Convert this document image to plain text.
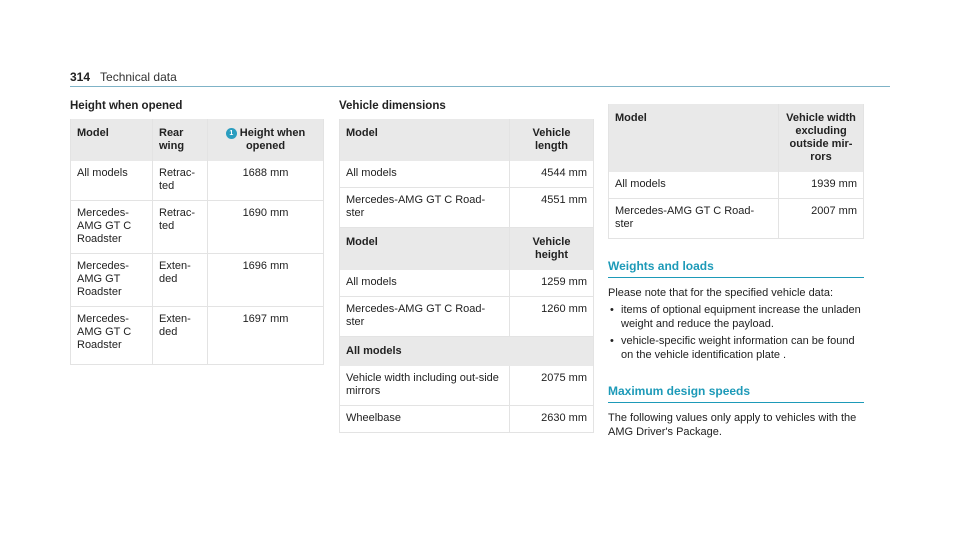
314 Technical data
Height when opened
Model	Rear wing	1 Height when opened
All models	Retrac-ted	1688 mm
Mercedes-AMG GT C Roadster	Retrac-ted	1690 mm
Mercedes-AMG GT Roadster	Exten-ded	1696 mm
Mercedes-AMG GT C Roadster	Exten-ded	1697 mm
Vehicle dimensions
Model	Vehicle length
All models	4544 mm
Mercedes-AMG GT C Road-ster	4551 mm
Model	Vehicle height
All models	1259 mm
Mercedes-AMG GT C Road-ster	1260 mm
All models	
Vehicle width including out-side mirrors	2075 mm
Wheelbase	2630 mm
Model	Vehicle width excluding outside mir-rors
All models	1939 mm
Mercedes-AMG GT C Road-ster	2007 mm
Weights and loads
Please note that for the specified vehicle data:
• items of optional equipment increase the unladen weight and reduce the payload.
• vehicle-specific weight information can be found on the vehicle identification plate .
Maximum design speeds
The following values only apply to vehicles with the AMG Driver's Package.
